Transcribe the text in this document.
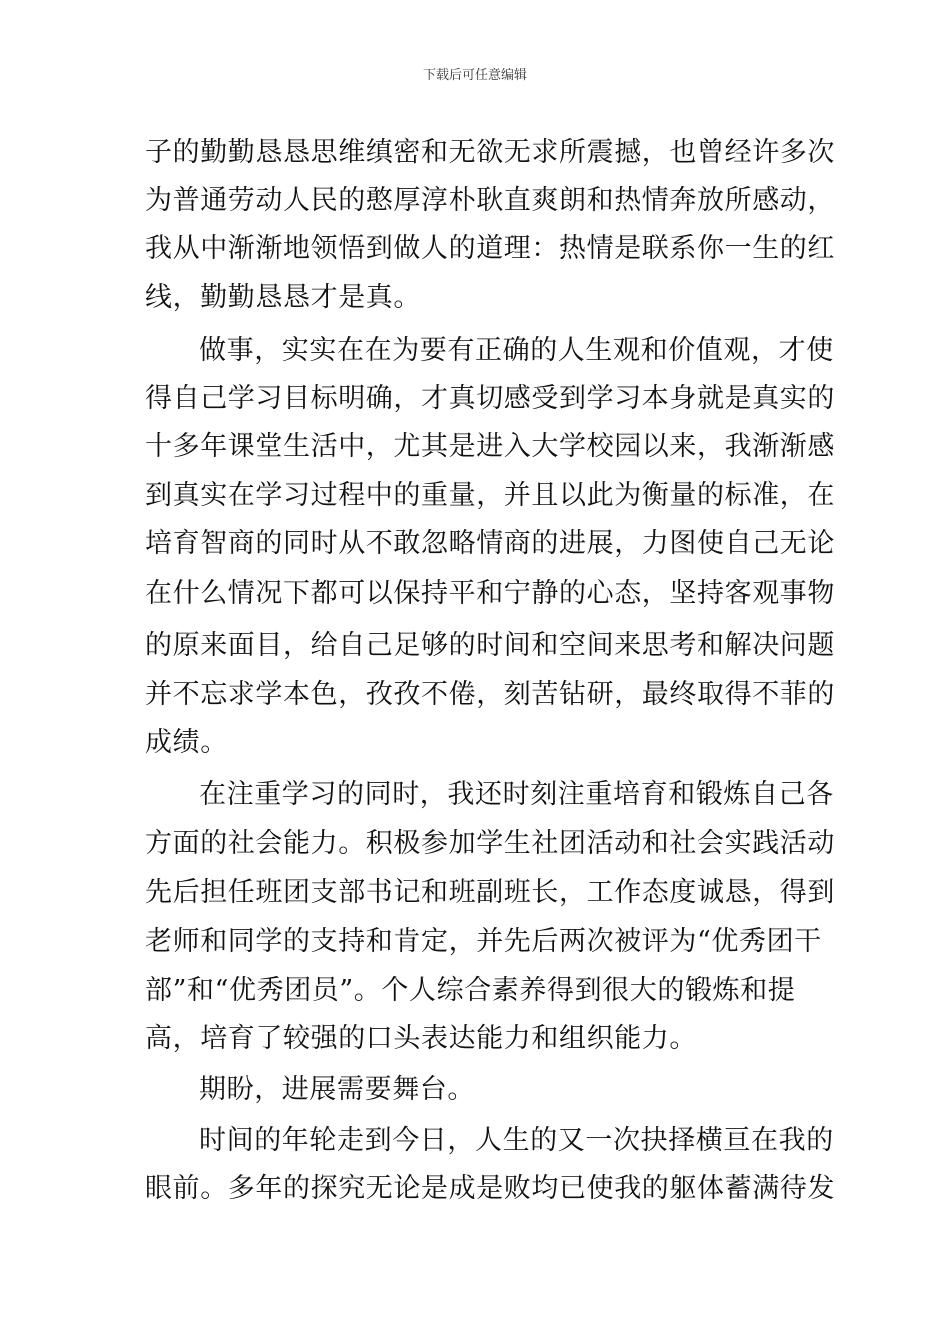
下载后可任意编辑
子的勤勤恳恳思维缜密和无欲无求所震撼，也曾经许多次
为普通劳动人民的憨厚淳朴耿直爽朗和热情奔放所感动，
我从中渐渐地领悟到做人的道理：热情是联系你一生的红
线，勤勤恳恳才是真。
做事，实实在在为要有正确的人生观和价值观，才使
得自己学习目标明确，才真切感受到学习本身就是真实的
十多年课堂生活中，尤其是进入大学校园以来，我渐渐感
到真实在学习过程中的重量，并且以此为衡量的标准，在
培育智商的同时从不敢忽略情商的进展，力图使自己无论
在什么情况下都可以保持平和宁静的心态，坚持客观事物
的原来面目，给自己足够的时间和空间来思考和解决问题
并不忘求学本色，孜孜不倦，刻苦钻研，最终取得不菲的
成绩。
在注重学习的同时，我还时刻注重培育和锻炼自己各
方面的社会能力。积极参加学生社团活动和社会实践活动
先后担任班团支部书记和班副班长，工作态度诚恳，得到
老师和同学的支持和肯定，并先后两次被评为“优秀团干
部”和“优秀团员”。个人综合素养得到很大的锻炼和提
高，培育了较强的口头表达能力和组织能力。
期盼，进展需要舞台。
时间的年轮走到今日，人生的又一次抉择横亘在我的
眼前。多年的探究无论是成是败均已使我的躯体蓄满待发
